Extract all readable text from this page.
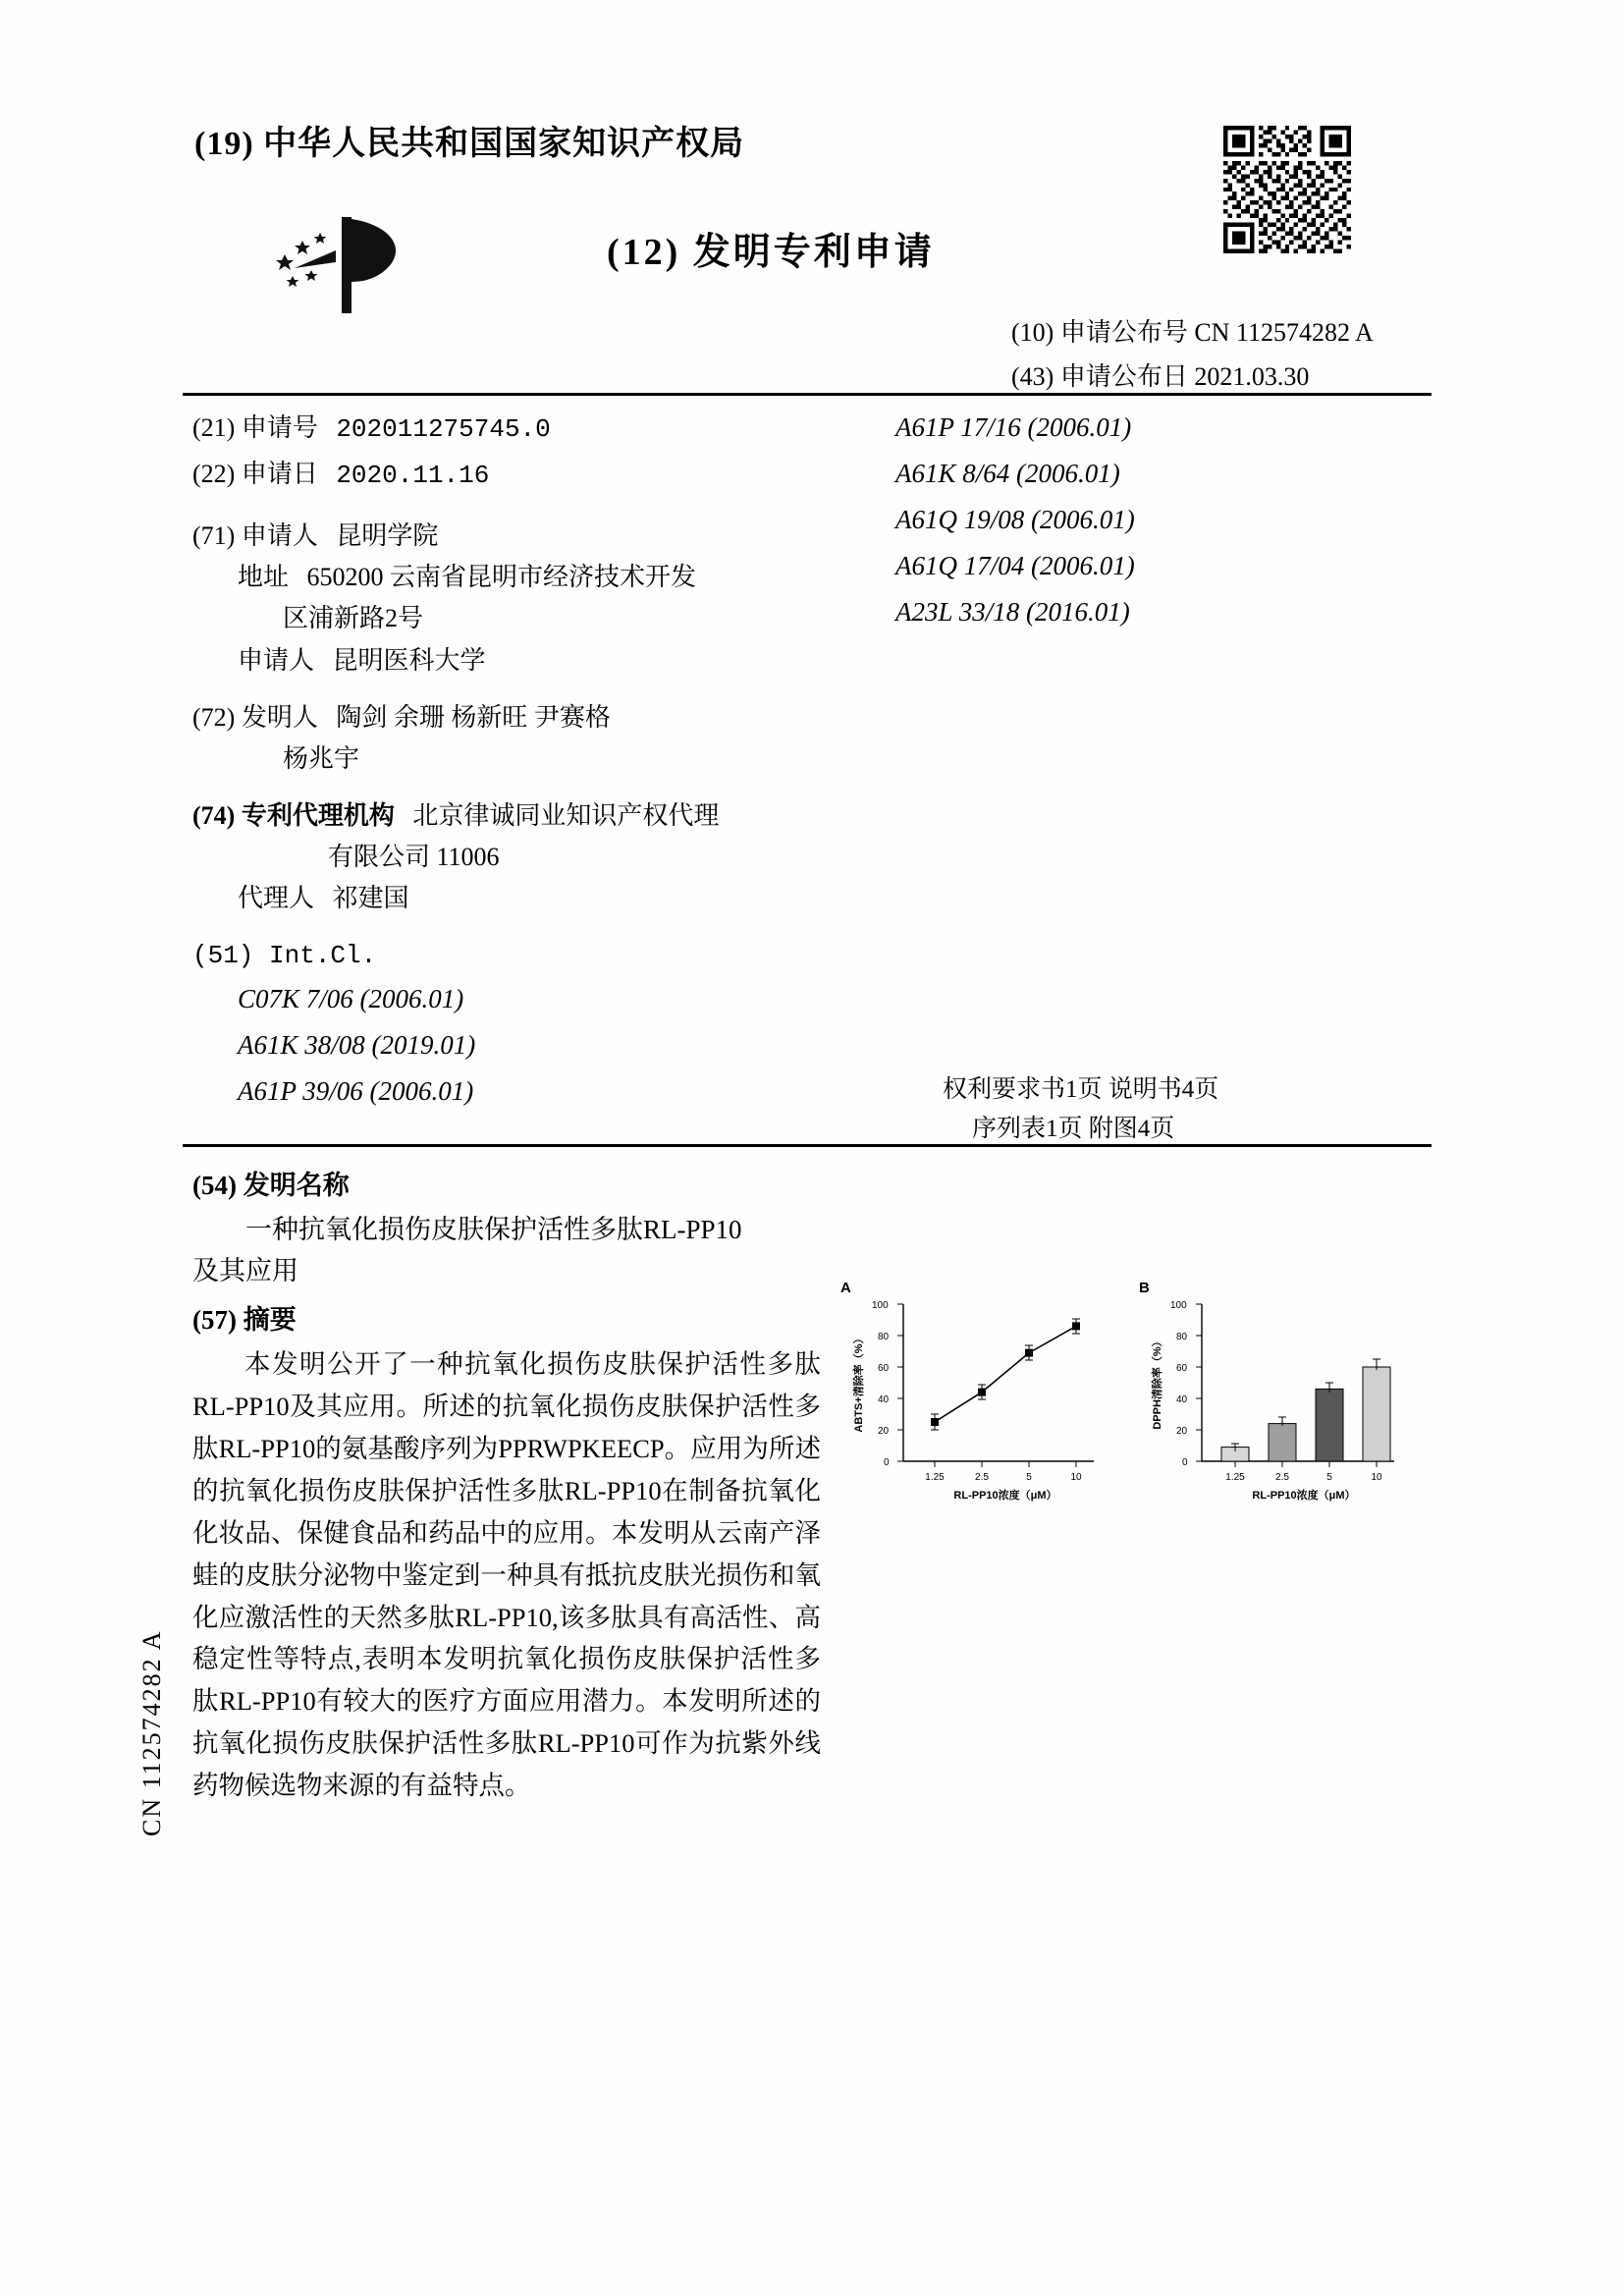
CN 112574282 A
(19) 中华人民共和国国家知识产权局
(12) 发明专利申请
(10) 申请公布号 CN 112574282 A
(43) 申请公布日 2021.03.30
(21) 申请号 202011275745.0
(22) 申请日 2020.11.16
(71) 申请人 昆明学院
地址 650200 云南省昆明市经济技术开发
区浦新路2号
申请人 昆明医科大学
(72) 发明人 陶剑 余珊 杨新旺 尹赛格
杨兆宇
(74) 专利代理机构 北京律诚同业知识产权代理
有限公司 11006
代理人 祁建国
(51) Int.Cl.
C07K 7/06 (2006.01)
A61K 38/08 (2019.01)
A61P 39/06 (2006.01)
A61P 17/16 (2006.01)
A61K 8/64 (2006.01)
A61Q 19/08 (2006.01)
A61Q 17/04 (2006.01)
A23L 33/18 (2016.01)
权利要求书1页 说明书4页
序列表1页 附图4页
(54) 发明名称
一种抗氧化损伤皮肤保护活性多肽RL-PP10
及其应用
(57) 摘要
本发明公开了一种抗氧化损伤皮肤保护活性多肽RL-PP10及其应用。所述的抗氧化损伤皮肤保护活性多肽RL-PP10的氨基酸序列为PPRWPKEECP。应用为所述的抗氧化损伤皮肤保护活性多肽RL-PP10在制备抗氧化化妆品、保健食品和药品中的应用。本发明从云南产泽蛙的皮肤分泌物中鉴定到一种具有抵抗皮肤光损伤和氧化应激活性的天然多肽RL-PP10,该多肽具有高活性、高稳定性等特点,表明本发明抗氧化损伤皮肤保护活性多肽RL-PP10有较大的医疗方面应用潜力。本发明所述的抗氧化损伤皮肤保护活性多肽RL-PP10可作为抗紫外线药物候选物来源的有益特点。
A
0
20
40
60
80
100
1.25	2.5	5	10
RL-PP10浓度（μM）
ABTS+清除率（%）
B
0
20
40
60
80
100
1.25	2.5	5	10
RL-PP10浓度（μM）
DPPH清除率（%）
